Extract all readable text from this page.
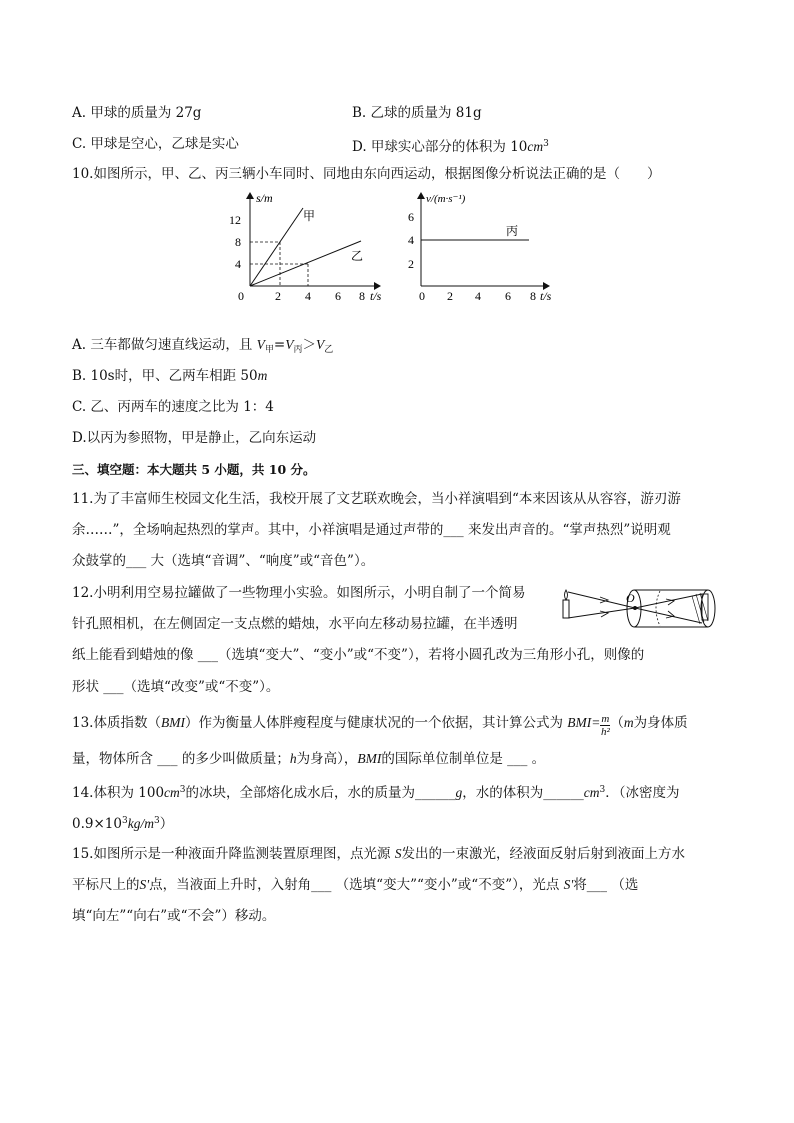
A. 甲球的质量为 27g	B. 乙球的质量为 81g
C. 甲球是空心，乙球是实心	D. 甲球实心部分的体积为 $10cm^3$
10.如图所示，甲、乙、丙三辆小车同时、同地由东向西运动，根据图像分析说法正确的是（　　）
s/m
t/s
0
4
8
12
2 4 6 8
甲
乙
v/(m·s⁻¹)
t/s
0
2
4
6
2 4 6 8
丙
A. 三车都做匀速直线运动，且 $V_甲=V_丙>V_乙$
B. 10s时，甲、乙两车相距 50m
C. 乙、丙两车的速度之比为 1：4
D.以丙为参照物，甲是静止，乙向东运动
三、填空题：本大题共 5 小题，共 10 分。
11.为了丰富师生校园文化生活，我校开展了文艺联欢晚会，当小祥演唱到“本来因该从从容容，游刃游
余……”，全场响起热烈的掌声。其中，小祥演唱是通过声带的___ 来发出声音的。“掌声热烈”说明观
众鼓掌的___ 大（选填“音调”、“响度”或“音色”）。
12.小明利用空易拉罐做了一些物理小实验。如图所示，小明自制了一个简易
针孔照相机，在左侧固定一支点燃的蜡烛，水平向左移动易拉罐，在半透明
纸上能看到蜡烛的像 ___（选填“变大”、“变小”或“不变”），若将小圆孔改为三角形小孔，则像的
形状 ___（选填“改变”或“不变”）。
O
13.体质指数（BMI）作为衡量人体胖瘦程度与健康状况的一个依据，其计算公式为 $BMI= \frac{m}{\text{h²}} (m$为身体质
量，物体所含 ___ 的多少叫做质量；h为身高），BMI的国际单位制单位是 ___ 。
14.体积为 $100cm^3$的冰块，全部熔化成水后，水的质量为______g，水的体积为$\_\_\_\_\_\_cm^3$．（冰密度为
$0.9\times 10^3kg/m^3$）
15.如图所示是一种液面升降监测装置原理图，点光源 S发出的一束激光，经液面反射后射到液面上方水
平标尺上的S'点，当液面上升时，入射角___ （选填“变大”“变小”或“不变”），光点 S'将___ （选
填“向左”“向右”或“不会”）移动。
